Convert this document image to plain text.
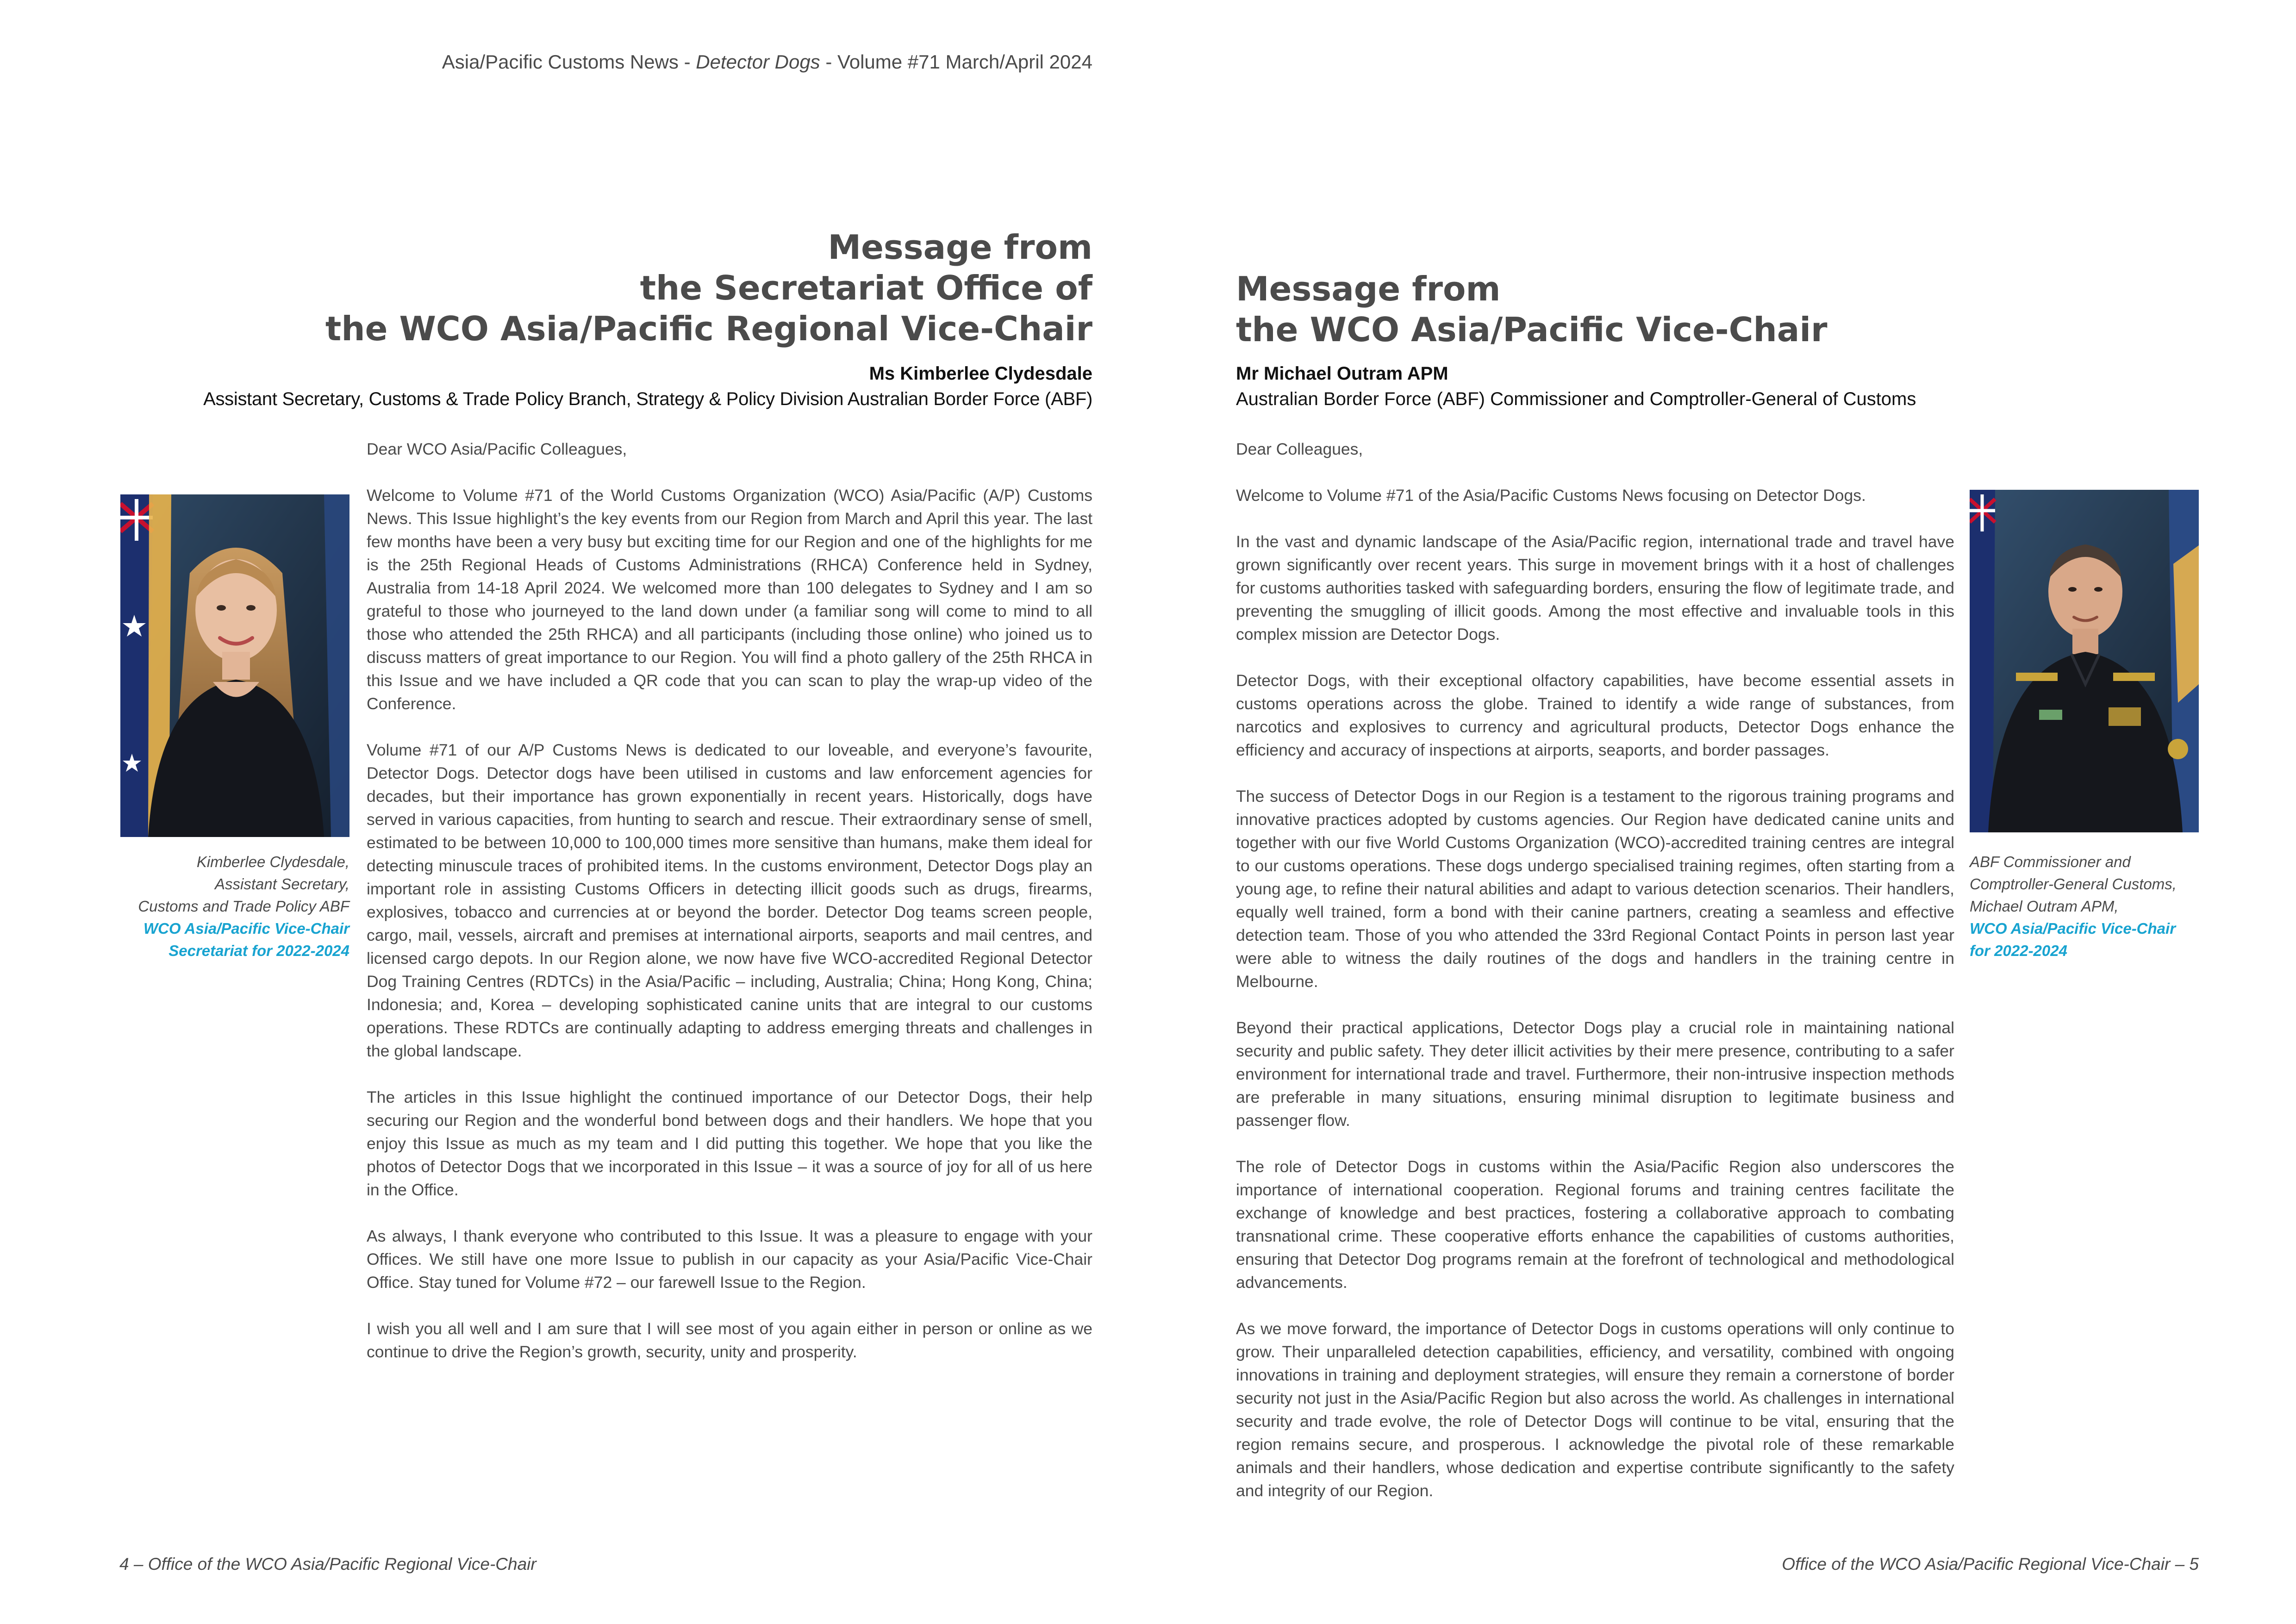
Asia/Pacific Customs News - Detector Dogs - Volume #71 March/April 2024
Message from
the Secretariat Office of
the WCO Asia/Pacific Regional Vice-Chair
Ms Kimberlee Clydesdale
Assistant Secretary, Customs & Trade Policy Branch, Strategy & Policy Division Australian Border Force (ABF)
Kimberlee Clydesdale,
Assistant Secretary,
Customs and Trade Policy ABF
WCO Asia/Pacific Vice-Chair
Secretariat for 2022-2024

Dear WCO Asia/Pacific Colleagues,

Welcome to Volume #71 of the World Customs Organization (WCO) Asia/Pacific (A/P) Customs News. This Issue highlight’s the key events from our Region from March and April this year. The last few months have been a very busy but exciting time for our Region and one of the highlights for me is the 25th Regional Heads of Customs Administrations (RHCA) Conference held in Sydney, Australia from 14-18 April 2024. We welcomed more than 100 delegates to Sydney and I am so grateful to those who journeyed to the land down under (a familiar song will come to mind to all those who attended the 25th RHCA) and all participants (including those online) who joined us to discuss matters of great importance to our Region. You will find a photo gallery of the 25th RHCA in this Issue and we have included a QR code that you can scan to play the wrap-up video of the Conference.

Volume #71 of our A/P Customs News is dedicated to our loveable, and everyone’s favourite, Detector Dogs. Detector dogs have been utilised in customs and law enforcement agencies for decades, but their importance has grown exponentially in recent years. Historically, dogs have served in various capacities, from hunting to search and rescue. Their extraordinary sense of smell, estimated to be between 10,000 to 100,000 times more sensitive than humans, make them ideal for detecting minuscule traces of prohibited items. In the customs environment, Detector Dogs play an important role in assisting Customs Officers in detecting illicit goods such as drugs, firearms, explosives, tobacco and currencies at or beyond the border. Detector Dog teams screen people, cargo, mail, vessels, aircraft and premises at international airports, seaports and mail centres, and licensed cargo depots. In our Region alone, we now have five WCO-accredited Regional Detector Dog Training Centres (RDTCs) in the Asia/Pacific – including, Australia; China; Hong Kong, China; Indonesia; and, Korea – developing sophisticated canine units that are integral to our customs operations. These RDTCs are continually adapting to address emerging threats and challenges in the global landscape.

The articles in this Issue highlight the continued importance of our Detector Dogs, their help securing our Region and the wonderful bond between dogs and their handlers. We hope that you enjoy this Issue as much as my team and I did putting this together. We hope that you like the photos of Detector Dogs that we incorporated in this Issue – it was a source of joy for all of us here in the Office.

As always, I thank everyone who contributed to this Issue. It was a pleasure to engage with your Offices. We still have one more Issue to publish in our capacity as your Asia/Pacific Vice-Chair Office. Stay tuned for Volume #72 – our farewell Issue to the Region.

I wish you all well and I am sure that I will see most of you again either in person or online as we continue to drive the Region’s growth, security, unity and prosperity.

4 – Office of the WCO Asia/Pacific Regional Vice-Chair
Message from
the WCO Asia/Pacific Vice-Chair
Mr Michael Outram APM
Australian Border Force (ABF) Commissioner and Comptroller-General of Customs

Dear Colleagues,

Welcome to Volume #71 of the Asia/Pacific Customs News focusing on Detector Dogs.

In the vast and dynamic landscape of the Asia/Pacific region, international trade and travel have grown significantly over recent years. This surge in movement brings with it a host of challenges for customs authorities tasked with safeguarding borders, ensuring the flow of legitimate trade, and preventing the smuggling of illicit goods. Among the most effective and invaluable tools in this complex mission are Detector Dogs.

Detector Dogs, with their exceptional olfactory capabilities, have become essential assets in customs operations across the globe. Trained to identify a wide range of substances, from narcotics and explosives to currency and agricultural products, Detector Dogs enhance the efficiency and accuracy of inspections at airports, seaports, and border passages.

The success of Detector Dogs in our Region is a testament to the rigorous training programs and innovative practices adopted by customs agencies. Our Region have dedicated canine units and together with our five World Customs Organization (WCO)-accredited training centres are integral to our customs operations. These dogs undergo specialised training regimes, often starting from a young age, to refine their natural abilities and adapt to various detection scenarios. Their handlers, equally well trained, form a bond with their canine partners, creating a seamless and effective detection team. Those of you who attended the 33rd Regional Contact Points in person last year were able to witness the daily routines of the dogs and handlers in the training centre in Melbourne.

Beyond their practical applications, Detector Dogs play a crucial role in maintaining national security and public safety. They deter illicit activities by their mere presence, contributing to a safer environment for international trade and travel. Furthermore, their non-intrusive inspection methods are preferable in many situations, ensuring minimal disruption to legitimate business and passenger flow.

The role of Detector Dogs in customs within the Asia/Pacific Region also underscores the importance of international cooperation. Regional forums and training centres facilitate the exchange of knowledge and best practices, fostering a collaborative approach to combating transnational crime. These cooperative efforts enhance the capabilities of customs authorities, ensuring that Detector Dog programs remain at the forefront of technological and methodological advancements.

As we move forward, the importance of Detector Dogs in customs operations will only continue to grow. Their unparalleled detection capabilities, efficiency, and versatility, combined with ongoing innovations in training and deployment strategies, will ensure they remain a cornerstone of border security not just in the Asia/Pacific Region but also across the world. As challenges in international security and trade evolve, the role of Detector Dogs will continue to be vital, ensuring that the region remains secure, and prosperous. I acknowledge the pivotal role of these remarkable animals and their handlers, whose dedication and expertise contribute significantly to the safety and integrity of our Region.

ABF Commissioner and
Comptroller-General Customs,
Michael Outram APM,
WCO Asia/Pacific Vice-Chair
for 2022-2024
Office of the WCO Asia/Pacific Regional Vice-Chair – 5
